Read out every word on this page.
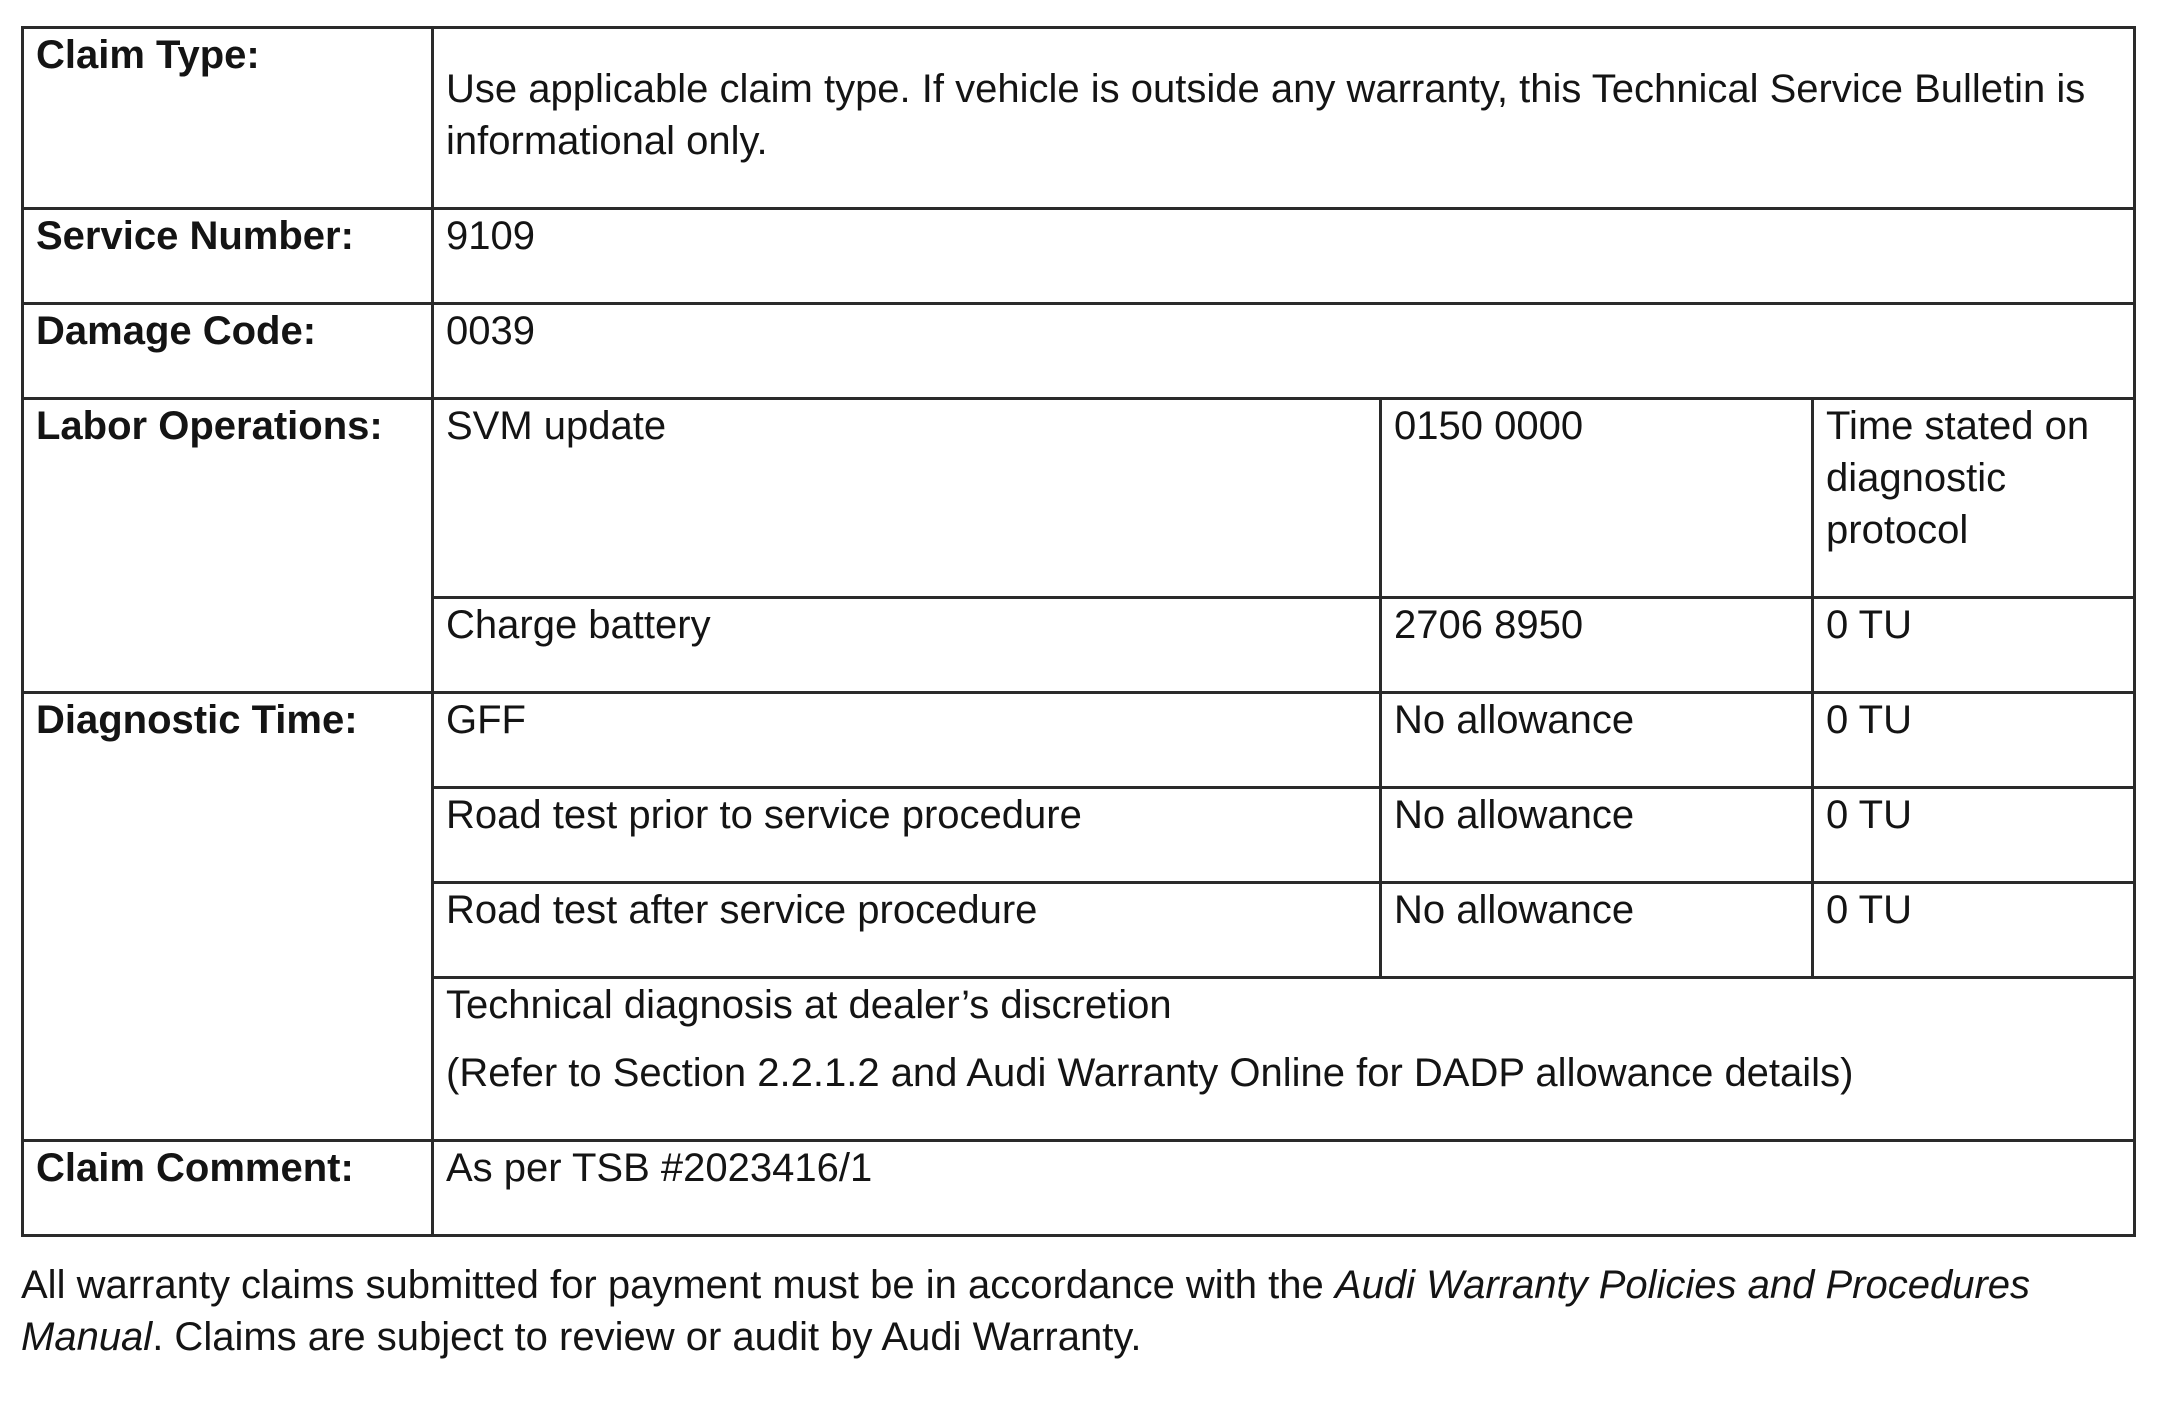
Claim Type:	Use applicable claim type. If vehicle is outside any warranty, this Technical Service Bulletin is informational only.		
Service Number:	9109		
Damage Code:	0039		
Labor Operations:	SVM update	0150 0000	Time stated on diagnostic protocol
	Charge battery	2706 8950	0 TU
Diagnostic Time:	GFF	No allowance	0 TU
	Road test prior to service procedure	No allowance	0 TU
	Road test after service procedure	No allowance	0 TU
	Technical diagnosis at dealer’s discretion
(Refer to Section 2.2.1.2 and Audi Warranty Online for DADP allowance details)		

Claim Comment:	As per TSB #2023416/1		

All warranty claims submitted for payment must be in accordance with the Audi Warranty Policies and Procedures Manual. Claims are subject to review or audit by Audi Warranty.
